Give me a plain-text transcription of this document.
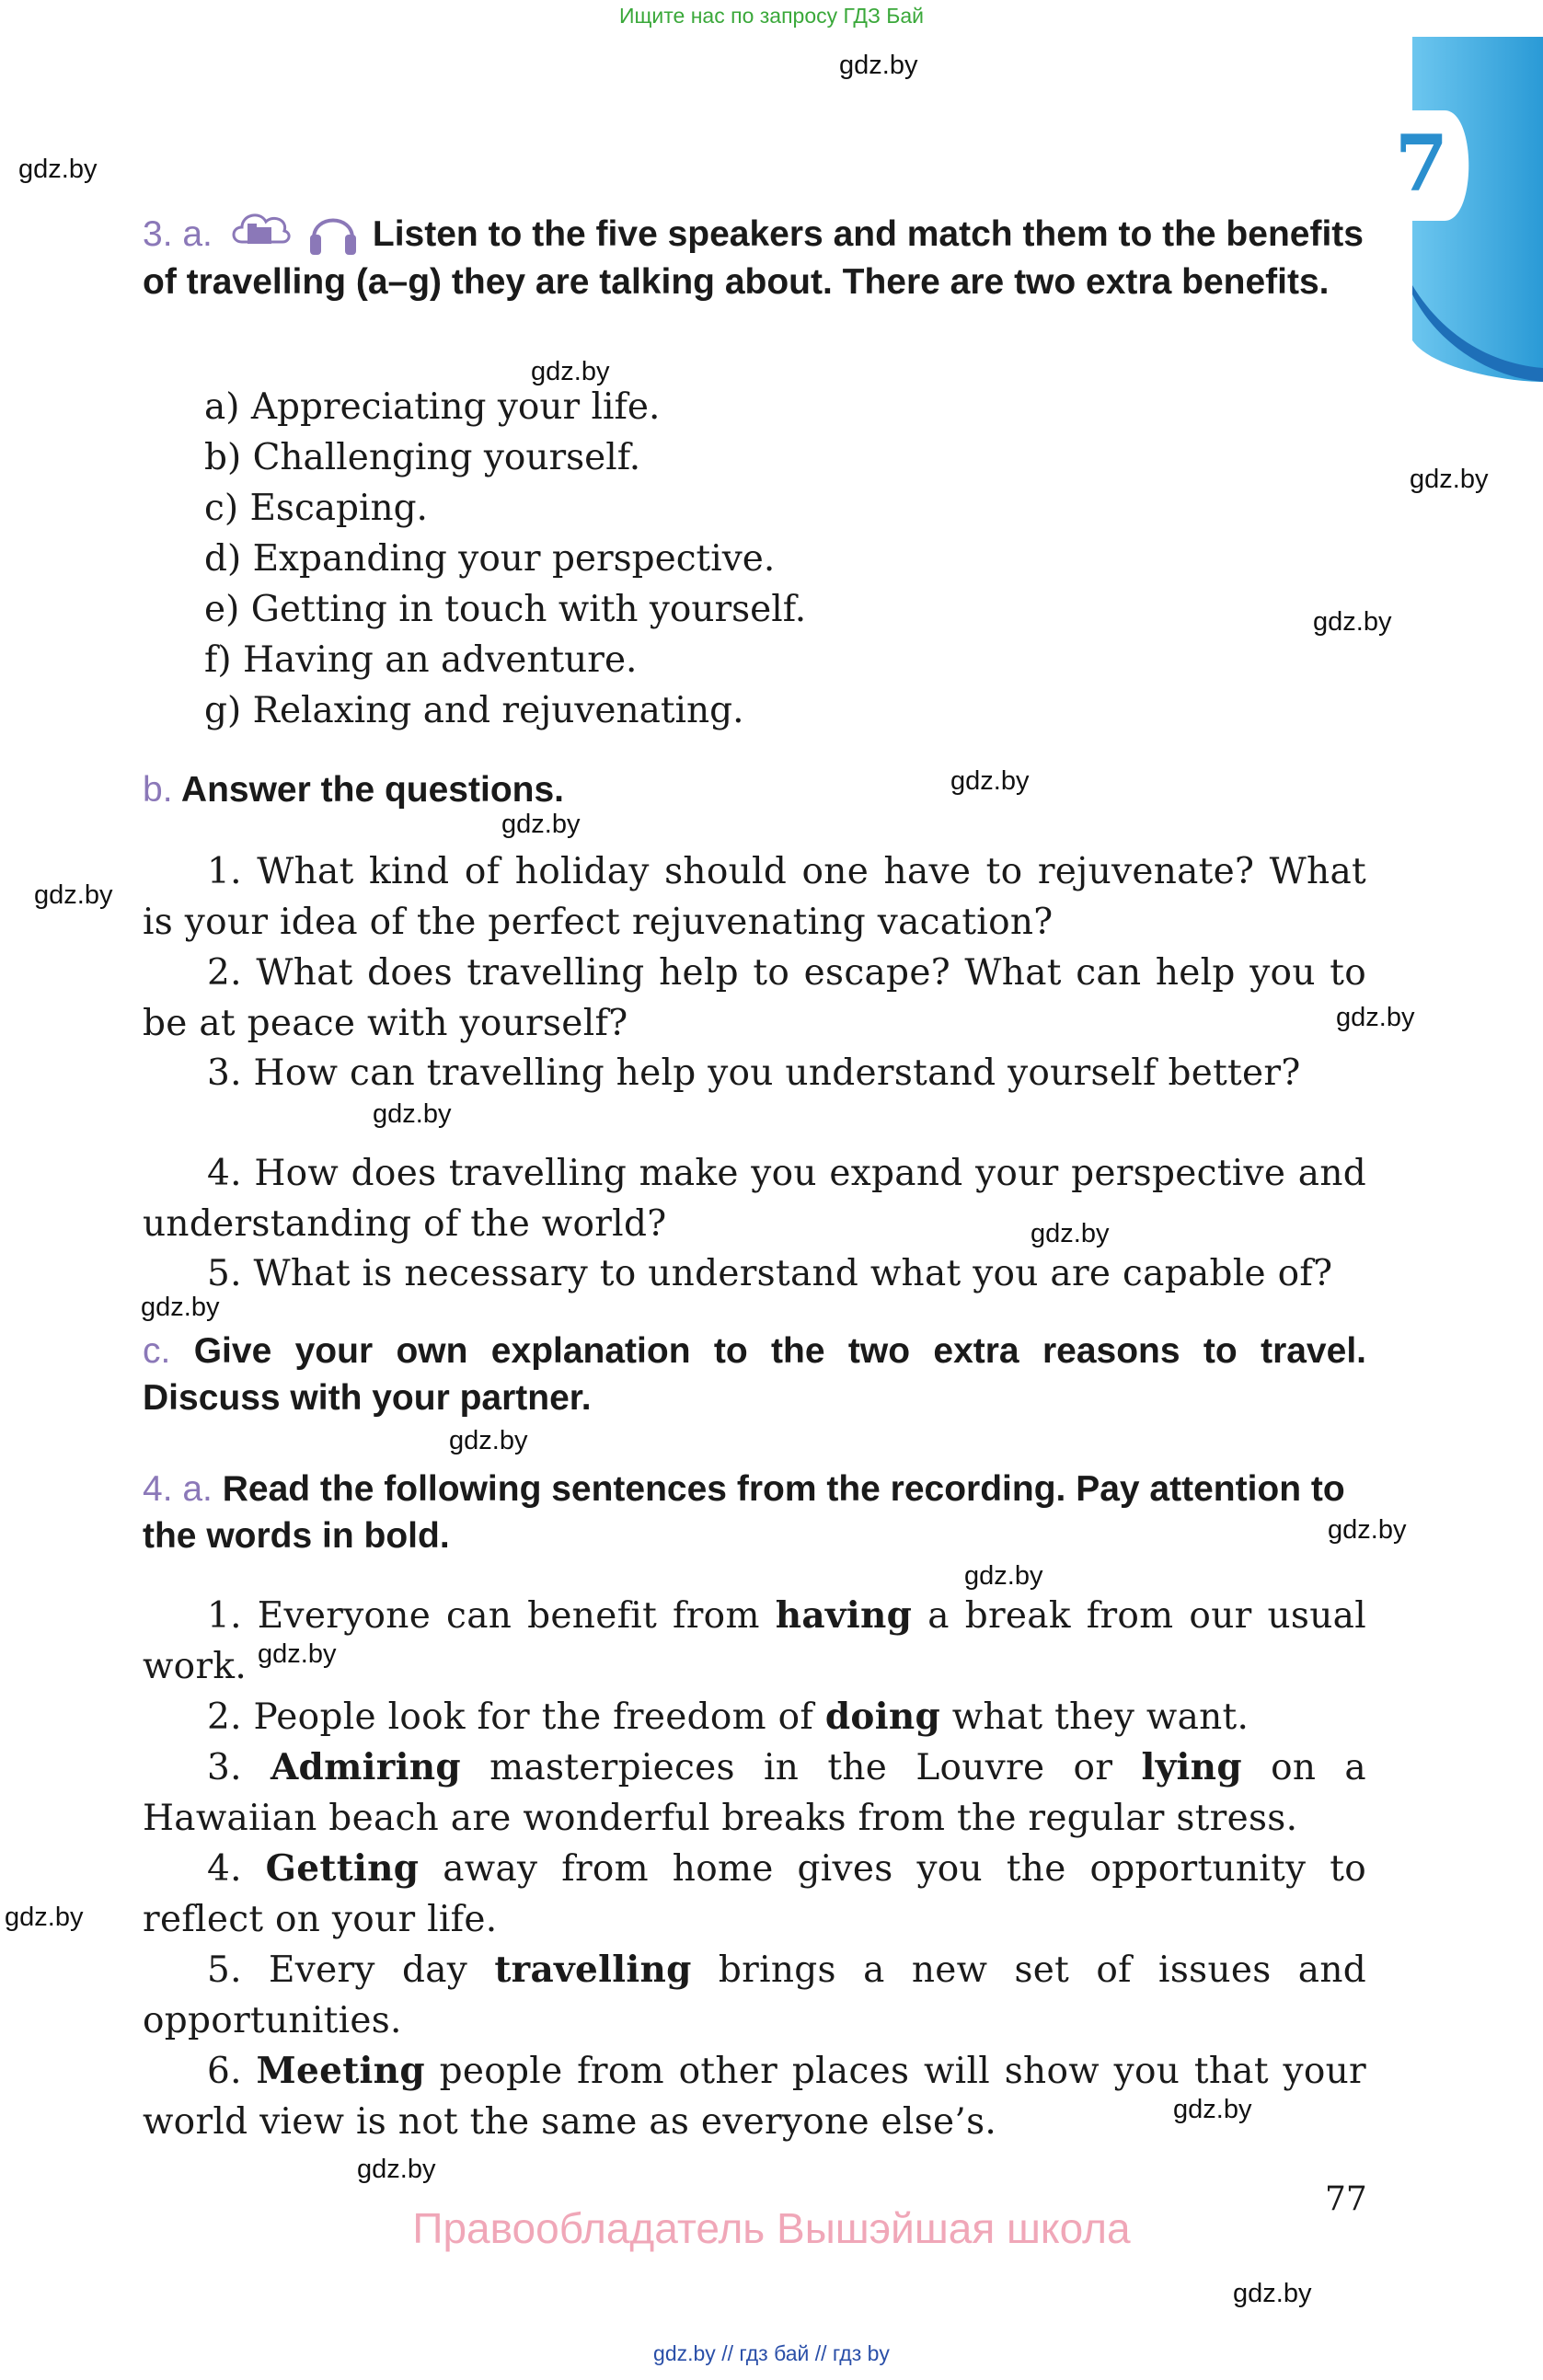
Ищите нас по запросу ГДЗ Бай
7
3. a.	Listen to the five speakers and match them to the benefits of travelling (a–g) they are talking about. There are two extra benefits.
a) Appreciating your life.
b) Challenging yourself.
c) Escaping.
d) Expanding your perspective.
e) Getting in touch with yourself.
f) Having an adventure.
g) Relaxing and rejuvenating.
b. Answer the questions.
1. What kind of holiday should one have to rejuvenate? What is your idea of the perfect rejuvenating vacation?
2. What does travelling help to escape? What can help you to be at peace with yourself?
3. How can travelling help you understand yourself better?
4. How does travelling make you expand your perspective and understanding of the world?
5. What is necessary to understand what you are capable of?
c. Give your own explanation to the two extra reasons to travel. Discuss with your partner.
4. a. Read the following sentences from the recording. Pay attention to the words in bold.
1. Everyone can benefit from having a break from our usual work.
2. People look for the freedom of doing what they want.
3. Admiring masterpieces in the Louvre or lying on a Hawaiian beach are wonderful breaks from the regular stress.
4. Getting away from home gives you the opportunity to reflect on your life.
5. Every day travelling brings a new set of issues and opportunities.
6. Meeting people from other places will show you that your world view is not the same as everyone else’s.
77
Правообладатель Вышэйшая школа
gdz.by
gdz.by
gdz.by
gdz.by
gdz.by
gdz.by
gdz.by
gdz.by
gdz.by
gdz.by
gdz.by
gdz.by
gdz.by
gdz.by
gdz.by
gdz.by
gdz.by
gdz.by
gdz.by
gdz.by
gdz.by // гдз бай // гдз by
